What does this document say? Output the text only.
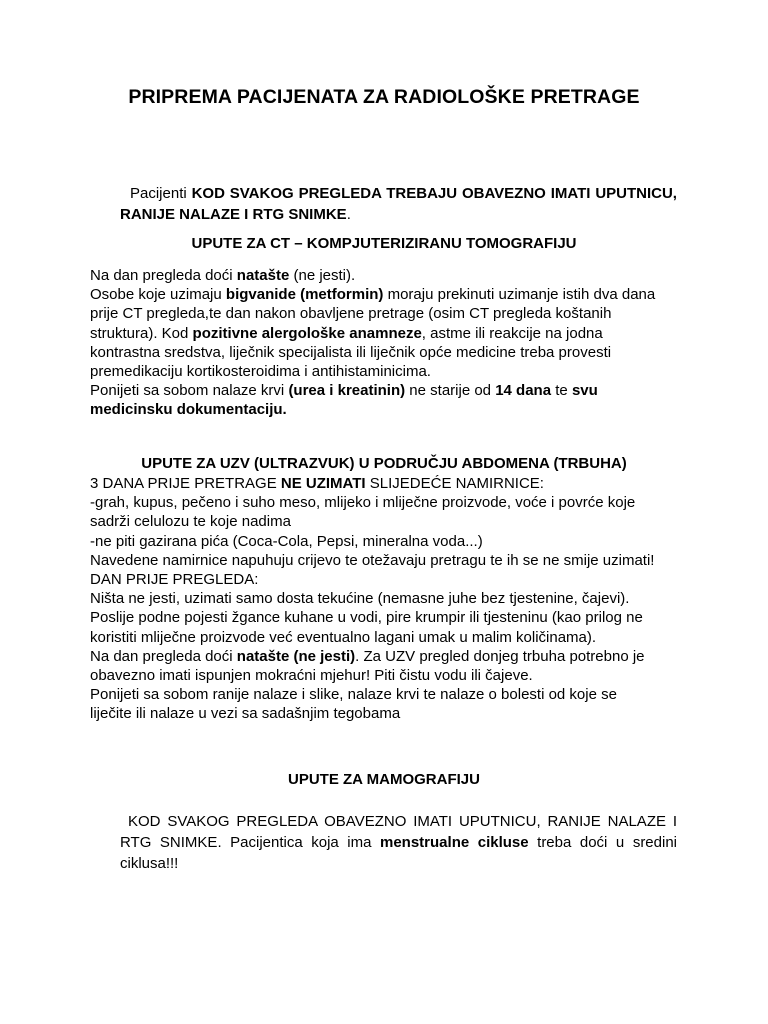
PRIPREMA PACIJENATA ZA RADIOLOŠKE PRETRAGE
Pacijenti KOD SVAKOG PREGLEDA TREBAJU OBAVEZNO IMATI UPUTNICU, RANIJE NALAZE I RTG SNIMKE.
UPUTE ZA CT – KOMPJUTERIZIRANU TOMOGRAFIJU

Na dan pregleda doći natašte (ne jesti).

Osobe koje uzimaju bigvanide (metformin) moraju prekinuti uzimanje istih dva dana

prije CT pregleda,te dan nakon obavljene pretrage (osim CT pregleda koštanih

struktura). Kod pozitivne alergološke anamneze, astme ili reakcije na jodna

kontrastna sredstva, liječnik specijalista ili liječnik opće medicine treba provesti

premedikaciju kortikosteroidima i antihistaminicima.

Ponijeti sa sobom nalaze krvi (urea i kreatinin) ne starije od 14 dana te svu

medicinsku dokumentaciju.

UPUTE ZA UZV (ULTRAZVUK) U PODRUČJU ABDOMENA (TRBUHA)

3 DANA PRIJE PRETRAGE NE UZIMATI SLIJEDEĆE NAMIRNICE:

-grah, kupus, pečeno i suho meso, mlijeko i mliječne proizvode, voće i povrće koje

sadrži celulozu te koje nadima

-ne piti gazirana pića (Coca-Cola, Pepsi, mineralna voda...)

Navedene namirnice napuhuju crijevo te otežavaju pretragu te ih se ne smije uzimati!

DAN PRIJE PREGLEDA:

Ništa ne jesti, uzimati samo dosta tekućine (nemasne juhe bez tjestenine, čajevi).

Poslije podne pojesti žgance kuhane u vodi, pire krumpir ili tjesteninu (kao prilog ne

koristiti mliječne proizvode već eventualno lagani umak u malim količinama).

Na dan pregleda doći natašte (ne jesti). Za UZV pregled donjeg trbuha potrebno je

obavezno imati ispunjen mokraćni mjehur! Piti čistu vodu ili čajeve.

Ponijeti sa sobom ranije nalaze i slike, nalaze krvi te nalaze o bolesti od koje se

liječite ili nalaze u vezi sa sadašnjim tegobama

UPUTE ZA MAMOGRAFIJU
KOD SVAKOG PREGLEDA OBAVEZNO IMATI UPUTNICU, RANIJE NALAZE I RTG SNIMKE. Pacijentica koja ima menstrualne cikluse treba doći u sredini ciklusa!!!
